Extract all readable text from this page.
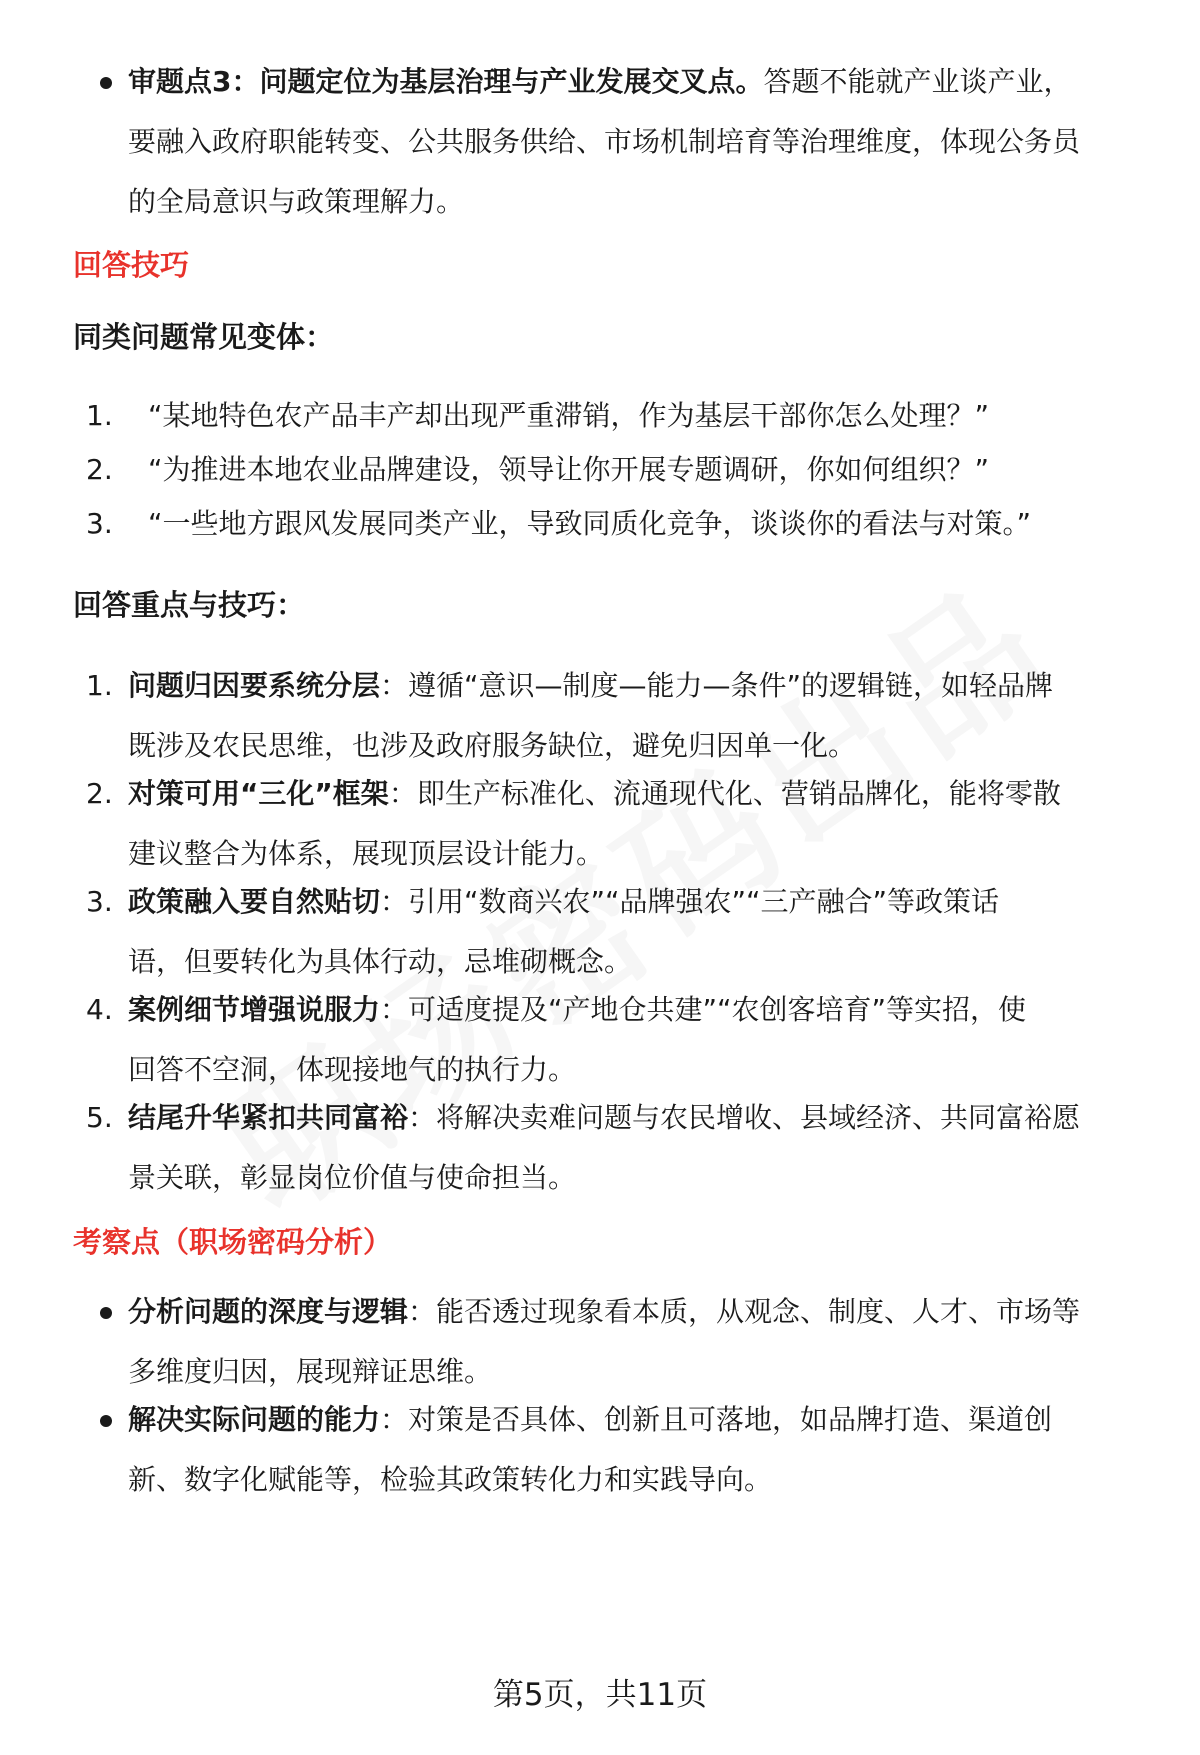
审题点3：问题定位为基层治理与产业发展交叉点。答题不能就产业谈产业，
要融入政府职能转变、公共服务供给、市场机制培育等治理维度，体现公务员
的全局意识与政策理解力。

回答技巧
同类问题常见变体：
1.	“某地特色农产品丰产却出现严重滞销，作为基层干部你怎么处理？”

2.	“为推进本地农业品牌建设，领导让你开展专题调研，你如何组织？”

3.	“一些地方跟风发展同类产业，导致同质化竞争，谈谈你的看法与对策。”

回答重点与技巧：
1. 问题归因要系统分层：遵循“意识—制度—能力—条件”的逻辑链，如轻品牌
既涉及农民思维，也涉及政府服务缺位，避免归因单一化。

2. 对策可用“三化”框架：即生产标准化、流通现代化、营销品牌化，能将零散
建议整合为体系，展现顶层设计能力。

3. 政策融入要自然贴切：引用“数商兴农”“品牌强农”“三产融合”等政策话
语，但要转化为具体行动，忌堆砌概念。

4. 案例细节增强说服力：可适度提及“产地仓共建”“农创客培育”等实招，使
回答不空洞，体现接地气的执行力。

5. 结尾升华紧扣共同富裕：将解决卖难问题与农民增收、县域经济、共同富裕愿
景关联，彰显岗位价值与使命担当。

考察点（职场密码分析）

分析问题的深度与逻辑：能否透过现象看本质，从观念、制度、人才、市场等
多维度归因，展现辩证思维。

解决实际问题的能力：对策是否具体、创新且可落地，如品牌打造、渠道创
新、数字化赋能等，检验其政策转化力和实践导向。

第5页，共11页
